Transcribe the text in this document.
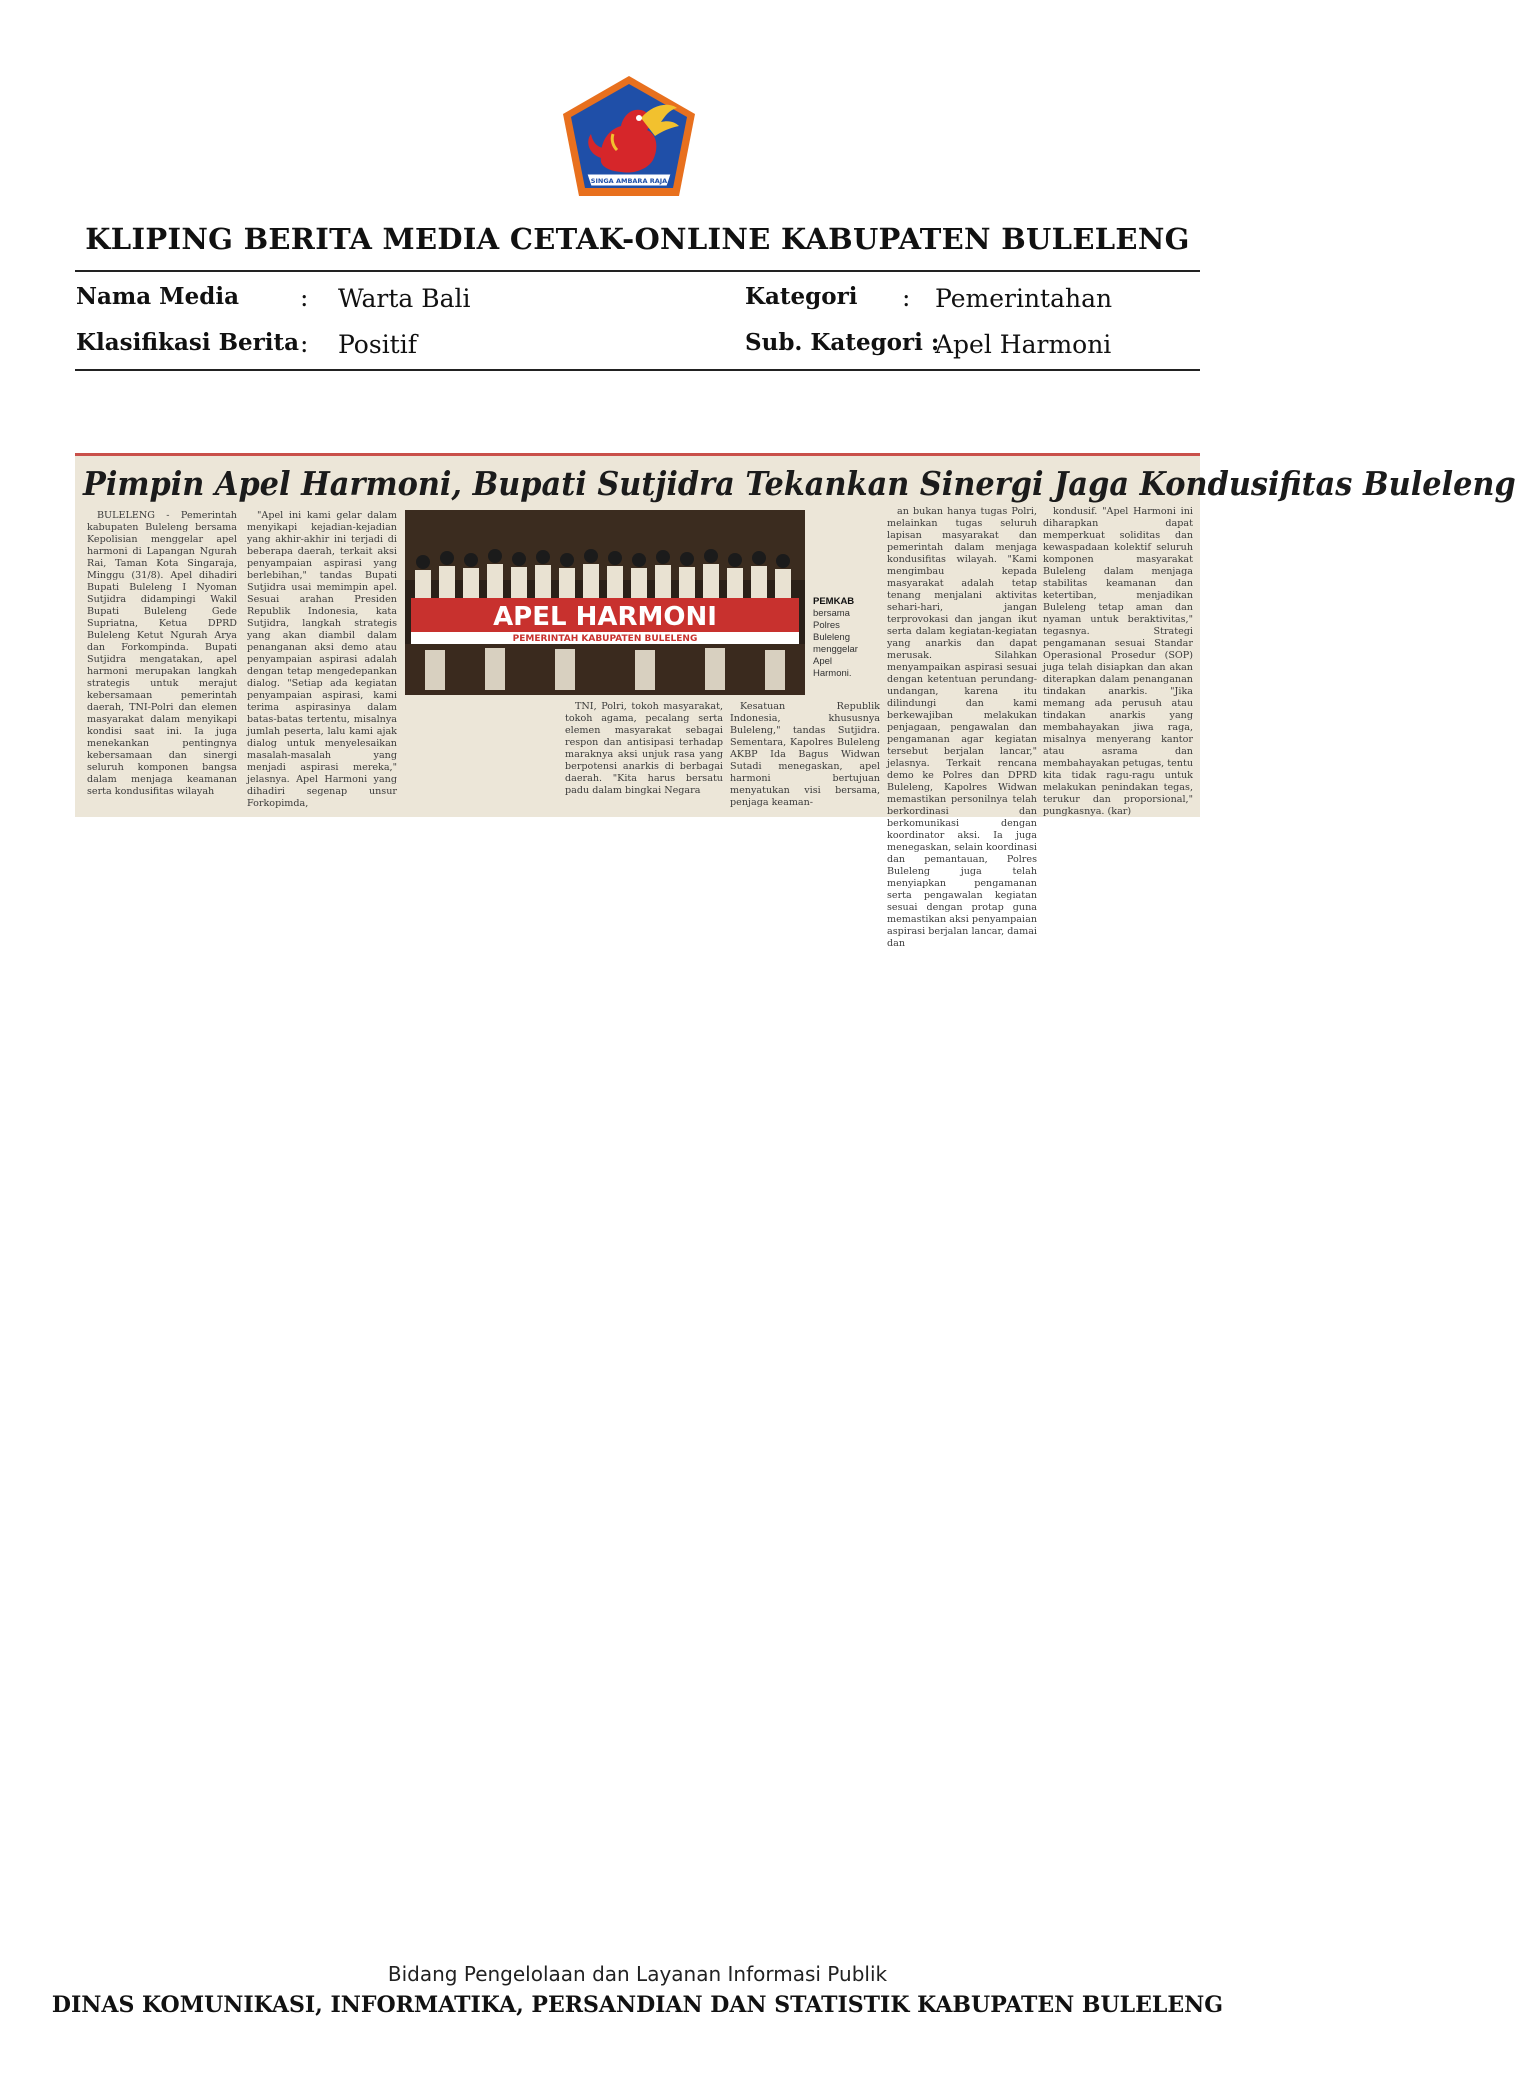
SINGA AMBARA RAJA
KLIPING BERITA MEDIA CETAK-ONLINE KABUPATEN BULELENG
Nama Media : Warta Bali
Klasifikasi Berita : Positif
Kategori : Pemerintahan
Sub. Kategori :
Apel Harmoni
Pimpin Apel Harmoni, Bupati Sutjidra Tekankan Sinergi Jaga Kondusifitas Buleleng

BULELENG - Pemerintah kabupaten Buleleng bersama Kepolisian menggelar apel harmoni di Lapangan Ngurah Rai, Taman Kota Singaraja, Minggu (31/8). Apel dihadiri Bupati Buleleng I Nyoman Sutjidra didampingi Wakil Bupati Buleleng Gede Supriatna, Ketua DPRD Buleleng Ketut Ngurah Arya dan Forkompinda. Bupati Sutjidra mengatakan, apel harmoni merupakan langkah strategis untuk merajut kebersamaan pemerintah daerah, TNI-Polri dan elemen masyarakat dalam menyikapi kondisi saat ini. Ia juga menekankan pentingnya kebersamaan dan sinergi seluruh komponen bangsa dalam menjaga keamanan serta kondusifitas wilayah

"Apel ini kami gelar dalam menyikapi kejadian-kejadian yang akhir-akhir ini terjadi di beberapa daerah, terkait aksi penyampaian aspirasi yang berlebihan," tandas Bupati Sutjidra usai memimpin apel. Sesuai arahan Presiden Republik Indonesia, kata Sutjidra, langkah strategis yang akan diambil dalam penanganan aksi demo atau penyampaian aspirasi adalah dengan tetap mengedepankan dialog. "Setiap ada kegiatan penyampaian aspirasi, kami terima aspirasinya dalam batas-batas tertentu, misalnya jumlah peserta, lalu kami ajak dialog untuk menyelesaikan masalah-masalah yang menjadi aspirasi mereka," jelasnya. Apel Harmoni yang dihadiri segenap unsur Forkopimda,

APEL HARMONI
PEMERINTAH KABUPATEN BULELENG
PEMKAB bersama Polres Buleleng menggelar Apel Harmoni.

TNI, Polri, tokoh masyarakat, tokoh agama, pecalang serta elemen masyarakat sebagai respon dan antisipasi terhadap maraknya aksi unjuk rasa yang berpotensi anarkis di berbagai daerah. "Kita harus bersatu padu dalam bingkai Negara

Kesatuan Republik Indonesia, khususnya Buleleng," tandas Sutjidra. Sementara, Kapolres Buleleng AKBP Ida Bagus Widwan Sutadi menegaskan, apel harmoni bertujuan menyatukan visi bersama, penjaga keaman-

an bukan hanya tugas Polri, melainkan tugas seluruh lapisan masyarakat dan pemerintah dalam menjaga kondusifitas wilayah. "Kami mengimbau kepada masyarakat adalah tetap tenang menjalani aktivitas sehari-hari, jangan terprovokasi dan jangan ikut serta dalam kegiatan-kegiatan yang anarkis dan dapat merusak. Silahkan menyampaikan aspirasi sesuai dengan ketentuan perundang-undangan, karena itu dilindungi dan kami berkewajiban melakukan penjagaan, pengawalan dan pengamanan agar kegiatan tersebut berjalan lancar," jelasnya. Terkait rencana demo ke Polres dan DPRD Buleleng, Kapolres Widwan memastikan personilnya telah berkordinasi dan berkomunikasi dengan koordinator aksi. Ia juga menegaskan, selain koordinasi dan pemantauan, Polres Buleleng juga telah menyiapkan pengamanan serta pengawalan kegiatan sesuai dengan protap guna memastikan aksi penyampaian aspirasi berjalan lancar, damai dan

kondusif. "Apel Harmoni ini diharapkan dapat memperkuat soliditas dan kewaspadaan kolektif seluruh komponen masyarakat Buleleng dalam menjaga stabilitas keamanan dan ketertiban, menjadikan Buleleng tetap aman dan nyaman untuk beraktivitas," tegasnya. Strategi pengamanan sesuai Standar Operasional Prosedur (SOP) juga telah disiapkan dan akan diterapkan dalam penanganan tindakan anarkis. "Jika memang ada perusuh atau tindakan anarkis yang membahayakan jiwa raga, misalnya menyerang kantor atau asrama dan membahayakan petugas, tentu kita tidak ragu-ragu untuk melakukan penindakan tegas, terukur dan proporsional," pungkasnya. (kar)

Bidang Pengelolaan dan Layanan Informasi Publik
DINAS KOMUNIKASI, INFORMATIKA, PERSANDIAN DAN STATISTIK KABUPATEN BULELENG
